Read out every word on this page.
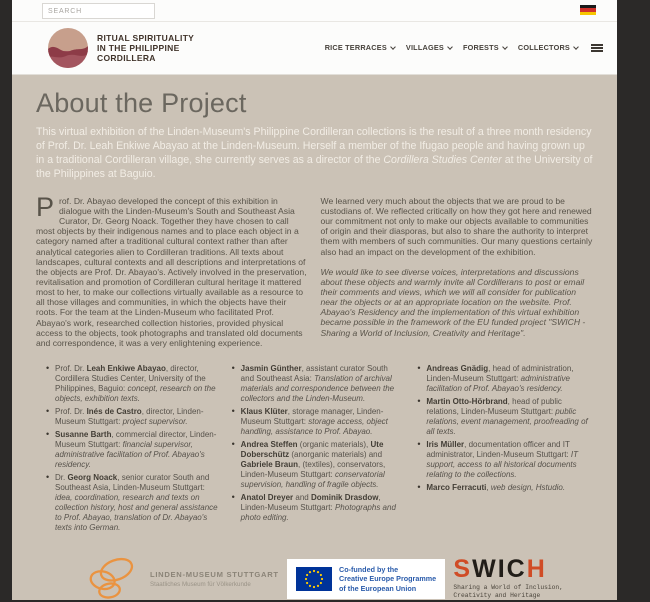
SEARCH
RITUAL SPIRITUALITY
IN THE PHILIPPINE
CORDILLERA
RICE TERRACES	VILLAGES	FORESTS	COLLECTORS
About the Project

This virtual exhibition of the Linden-Museum's Philippine Cordilleran collections is the result of a three month residency of Prof. Dr. Leah Enkiwe Abayao at the Linden-Museum. Herself a member of the Ifugao people and having grown up in a traditional Cordilleran village, she currently serves as a director of the Cordillera Studies Center at the University of the Philippines at Baguio.

Prof. Dr. Abayao developed the concept of this exhibition in dialogue with the Linden-Museum's South and Southeast Asia Curator, Dr. Georg Noack. Together they have chosen to call most objects by their indigenous names and to place each object in a category named after a traditional cultural context rather than after analytical categories alien to Cordilleran traditions. All texts about landscapes, cultural contexts and all descriptions and interpretations of the objects are Prof. Dr. Abayao's. Actively involved in the preservation, revitalisation and promotion of Cordilleran cultural heritage it mattered most to her, to make our collections virtually available as a resource to all those villages and communities, in which the objects have their roots. For the team at the Linden-Museum who facilitated Prof. Abayao's work, researched collection histories, provided physical access to the objects, took photographs and translated old documents and correspondence, it was a very enlightening experience.

We learned very much about the objects that we are proud to be custodians of. We reflected critically on how they got here and renewed our commitment not only to make our objects available to communities of origin and their diasporas, but also to share the authority to interpret them with members of such communities. Our many questions certainly also had an impact on the development of the exhibition.

We would like to see diverse voices, interpretations and discussions about these objects and warmly invite all Cordillerans to post or email their comments and views, which we will all consider for publication near the objects or at an appropriate location on the website. Prof. Abayao's Residency and the implementation of this virtual exhibition became possible in the framework of the EU funded project "SWICH - Sharing a World of Inclusion, Creativity and Heritage".

• Prof. Dr. Leah Enkiwe Abayao, director, Cordillera Studies Center, University of the Philippines, Baguio: concept, research on the objects, exhibition texts.
• Prof. Dr. Inés de Castro, director, Linden-Museum Stuttgart: project supervisor.
• Susanne Barth, commercial director, Linden-Museum Stuttgart: financial supervisor, administrative facilitation of Prof. Abayao's residency.
• Dr. Georg Noack, senior curator South and Southeast Asia, Linden-Museum Stuttgart: idea, coordination, research and texts on collection history, host and general assistance to Prof. Abayao, translation of Dr. Abayao's texts into German.
• Jasmin Günther, assistant curator South and Southeast Asia: Translation of archival materials and correspondence between the collectors and the Linden-Museum.
• Klaus Klüter, storage manager, Linden-Museum Stuttgart: storage access, object handling, assistance to Prof. Abayao.
• Andrea Steffen (organic materials), Ute Doberschütz (anorganic materials) and Gabriele Braun, (textiles), conservators, Linden-Museum Stuttgart: conservatorial supervision, handling of fragile objects.
• Anatol Dreyer and Dominik Drasdow, Linden-Museum Stuttgart: Photographs and photo editing.
• Andreas Gnädig, head of administration, Linden-Museum Stuttgart: administrative facilitation of Prof. Abayao's residency.
• Martin Otto-Hörbrand, head of public relations, Linden-Museum Stuttgart: public relations, event management, proofreading of all texts.
• Iris Müller, documentation officer and IT administrator, Linden-Museum Stuttgart: IT support, access to all historical documents relating to the collections.
• Marco Ferracuti, web design, Hstudio.
LINDEN-MUSEUM STUTTGART
Staatliches Museum für Völkerkunde
Co-funded by the
Creative Europe Programme
of the European Union
SWICH
Sharing a World of Inclusion,
Creativity and Heritage
